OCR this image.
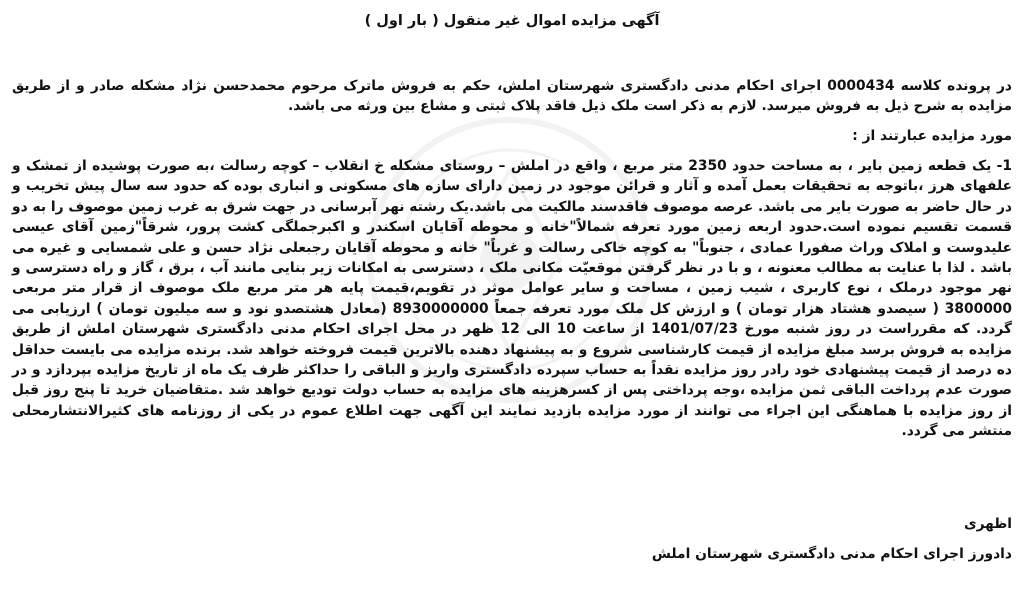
آگهی مزایده اموال غیر منقول ( بار اول )
در پرونده کلاسه 0000434 اجرای احکام مدنی دادگستری شهرستان املش، حکم به فروش ماترک مرحوم محمدحسن نژاد مشکله صادر و از طریق مزایده به شرح ذیل به فروش میرسد. لازم به ذکر است ملک ذیل فاقد پلاک ثبتی و مشاع بین ورثه می باشد.
مورد مزایده عبارتند از :
1- یک قطعه زمین بایر ، به مساحت حدود 2350 متر مربع ، واقع در املش – روستای مشکله خ انقلاب – کوچه رسالت ،به صورت پوشیده از تمشک و علفهای هرز ،باتوجه به تحقیقات بعمل آمده و آثار و قرائن موجود در زمین دارای سازه های مسکونی و انباری بوده که حدود سه سال پیش تخریب و در حال حاضر به صورت بایر می باشد. عرصه موصوف فاقدسند مالکیت می باشد.یک رشته نهر آبرسانی در جهت شرق به غرب زمین موصوف را به دو قسمت تقسیم نموده است.حدود اربعه زمین مورد تعرفه شمالاً"خانه و محوطه آقایان اسکندر و اکبرجملگی کشت پرور، شرقاً"زمین آقای عیسی علیدوست و املاک وراث صفورا عمادی ، جنوباً" به کوچه خاکی رسالت و غرباً" خانه و محوطه آقایان رجبعلی نژاد حسن و علی شمسایی و غیره می باشد . لذا با عنایت به مطالب معنونه ، و با در نظر گرفتن موقعیّت مکانی ملک ، دسترسی به امکانات زیر بنایی مانند آب ، برق ، گاز و راه دسترسی و نهر موجود درملک ، نوع کاربری ، شیب زمین ، مساحت و سایر عوامل موثر در تقویم،قیمت پایه هر متر مربع ملک موصوف از قرار متر مربعی 3800000 ( سیصدو هشتاد هزار تومان ) و ارزش کل ملک مورد تعرفه جمعاً 8930000000 (معادل هشتصدو نود و سه میلیون تومان ) ارزیابی می گردد. که مقرراست در روز شنبه مورخ 1401/07/23 از ساعت 10 الی 12 ظهر در محل اجرای احکام مدنی دادگستری شهرستان املش از طریق مزایده به فروش برسد مبلغ مزایده از قیمت کارشناسی شروع و به پیشنهاد دهنده بالاترین قیمت فروخته خواهد شد. برنده مزایده می بایست حداقل ده درصد از قیمت پیشنهادی خود رادر روز مزایده نقداً به حساب سپرده دادگستری واریز و الباقی را حداکثر ظرف یک ماه از تاریخ مزایده بپردازد و در صورت عدم پرداخت الباقی ثمن مزایده ،وجه پرداختی پس از کسرهزینه های مزایده به حساب دولت تودیع خواهد شد .متقاضیان خرید تا پنج روز قبل از روز مزایده با هماهنگی این اجراء می توانند از مورد مزایده بازدید نمایند این آگهی جهت اطلاع عموم در یکی از روزنامه های کثیرالانتشارمحلی منتشر می گردد.
اظهری
دادورز اجرای احکام مدنی دادگستری شهرستان املش
